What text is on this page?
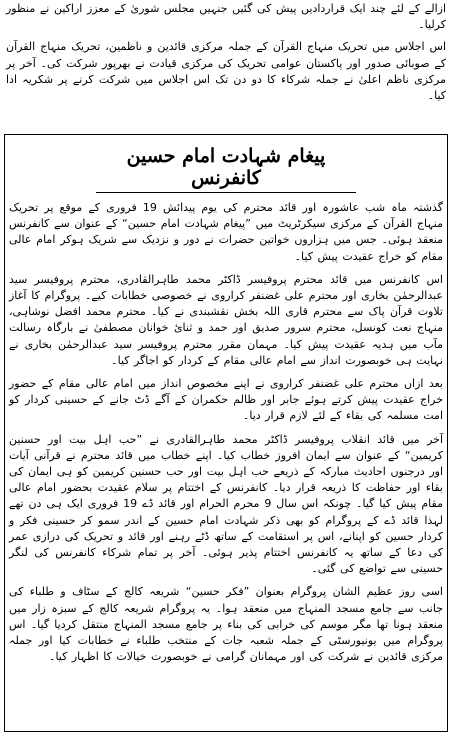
ازالے کے لئے چند ایک قراردادیں پیش کی گئیں جنہیں مجلس شوریٰ کے معزز اراکین نے منظور کرلیا۔

اس اجلاس میں تحریک منہاج القرآن کے جملہ مرکزی قائدین و ناظمین، تحریک منہاج القرآن کے صوبائی صدور اور پاکستان عوامی تحریک کی مرکزی قیادت نے بھرپور شرکت کی۔ آخر پر مرکزی ناظم اعلیٰ نے جملہ شرکاء کا دو دن تک اس اجلاس میں شرکت کرنے پر شکریہ ادا کیا۔

پیغام شہادت امام حسین کانفرنس

گذشتہ ماہ شب عاشورہ اور قائد محترم کی یوم پیدائش 19 فروری کے موقع پر تحریک منہاج القرآن کے مرکزی سیکرٹریٹ میں ”پیغام شہادت امام حسین“ کے عنوان سے کانفرنس منعقد ہوئی۔ جس میں ہزاروں خواتین حضرات نے دور و نزدیک سے شریک ہوکر امام عالی مقام کو خراج عقیدت پیش کیا۔

اس کانفرنس میں قائد محترم پروفیسر ڈاکٹر محمد طاہرالقادری، محترم پروفیسر سید عبدالرحمٰن بخاری اور محترم علی غضنفر کراروی نے خصوصی خطابات کیے۔ پروگرام کا آغاز تلاوت قرآن پاک سے محترم قاری اللہ بخش نقشبندی نے کیا۔ محترم محمد افضل نوشاہی، منہاج نعت کونسل، محترم سرور صدیق اور حمد و ثنائ خوانان مصطفیٰ نے بارگاہ رسالت مآب میں ہدیہ عقیدت پیش کیا۔ مہمان مقرر محترم پروفیسر سید عبدالرحمٰن بخاری نے نہایت ہی خوبصورت انداز سے امام عالی مقام کے کردار کو اجاگر کیا۔

بعد ازاں محترم علی غضنفر کراروی نے اپنے مخصوص انداز میں امام عالی مقام کے حضور خراج عقیدت پیش کرتے ہوئے جابر اور ظالم حکمران کے آگے ڈٹ جانے کے حسینی کردار کو امت مسلمہ کی بقاء کے لئے لازم قرار دیا۔

آخر میں قائد انقلاب پروفیسر ڈاکٹر محمد طاہرالقادری نے ”حب اہل بیت اور حسنین کریمین“ کے عنوان سے ایمان افروز خطاب کیا۔ اپنے خطاب میں قائد محترم نے قرآنی آیات اور درجنوں احادیث مبارکہ کے ذریعے حب اہل بیت اور حب حسنین کریمین کو ہی ایمان کی بقاء اور حفاظت کا ذریعہ قرار دیا۔ کانفرنس کے اختتام پر سلام عقیدت بحضور امام عالی مقام پیش کیا گیا۔ چونکہ اس سال 9 محرم الحرام اور قائد ڈے 19 فروری ایک ہی دن تھے لہذا قائد ڈے کے پروگرام کو بھی ذکر شہادت امام حسین کے اندر سمو کر حسینی فکر و کردار حسین کو اپنانے، اس پر استقامت کے ساتھ ڈٹے رہنے اور قائد و تحریک کی درازی عمر کی دعا کے ساتھ یہ کانفرنس اختتام پذیر ہوئی۔ آخر پر تمام شرکاء کانفرنس کی لنگر حسینی سے تواضع کی گئی۔

اسی روز عظیم الشان پروگرام بعنوان ”فکر حسین“ شریعہ کالج کے سٹاف و طلباء کی جانب سے جامع مسجد المنہاج میں منعقد ہوا۔ یہ پروگرام شریعہ کالج کے سبزہ زار میں منعقد ہونا تھا مگر موسم کی خرابی کی بناء پر جامع مسجد المنہاج منتقل کردیا گیا۔ اس پروگرام میں یونیورسٹی کے جملہ شعبہ جات کے منتخب طلباء نے خطابات کیا اور جملہ مرکزی قائدین نے شرکت کی اور مہمانان گرامی نے خوبصورت خیالات کا اظہار کیا۔
